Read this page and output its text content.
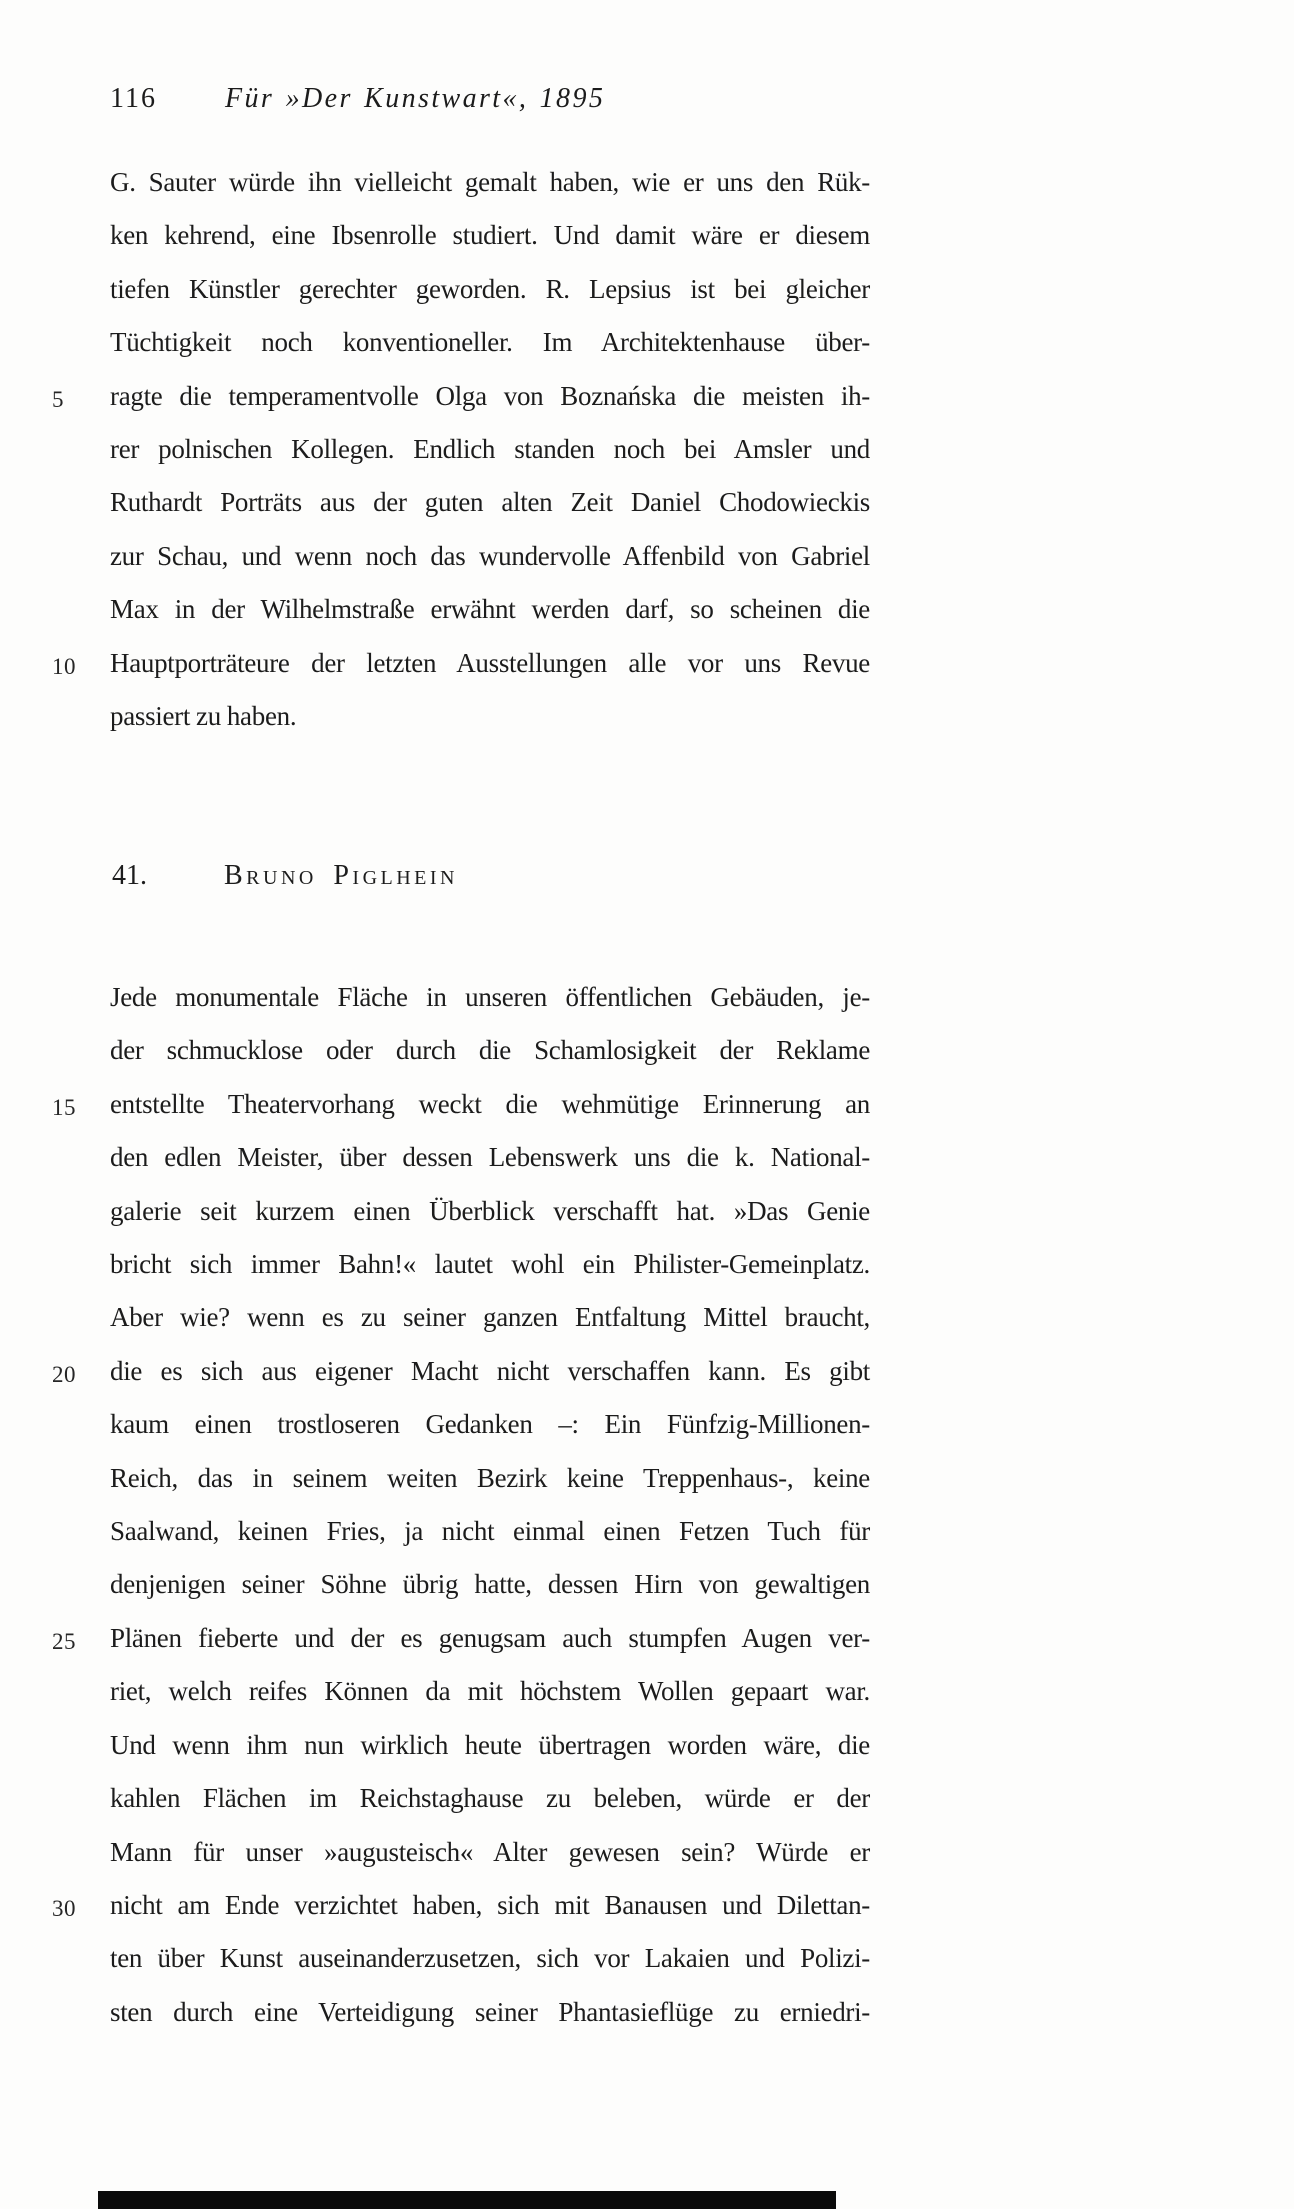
116 Für »Der Kunstwart«, 1895
G. Sauter würde ihn vielleicht gemalt haben, wie er uns den Rük-
ken kehrend, eine Ibsenrolle studiert. Und damit wäre er diesem
tiefen Künstler gerechter geworden. R. Lepsius ist bei gleicher
Tüchtigkeit noch konventioneller. Im Architektenhause über-
5	ragte die temperamentvolle Olga von Boznańska die meisten ih-
rer polnischen Kollegen. Endlich standen noch bei Amsler und
Ruthardt Porträts aus der guten alten Zeit Daniel Chodowieckis
zur Schau, und wenn noch das wundervolle Affenbild von Gabriel
Max in der Wilhelmstraße erwähnt werden darf, so scheinen die
10	Hauptporträteure der letzten Ausstellungen alle vor uns Revue
passiert zu haben.
41.	Bruno Piglhein
Jede monumentale Fläche in unseren öffentlichen Gebäuden, je-
der schmucklose oder durch die Schamlosigkeit der Reklame
15	entstellte Theatervorhang weckt die wehmütige Erinnerung an
den edlen Meister, über dessen Lebenswerk uns die k. National-
galerie seit kurzem einen Überblick verschafft hat. »Das Genie
bricht sich immer Bahn!« lautet wohl ein Philister-Gemeinplatz.
Aber wie? wenn es zu seiner ganzen Entfaltung Mittel braucht,
20	die es sich aus eigener Macht nicht verschaffen kann. Es gibt
kaum einen trostloseren Gedanken –: Ein Fünfzig-Millionen-
Reich, das in seinem weiten Bezirk keine Treppenhaus-, keine
Saalwand, keinen Fries, ja nicht einmal einen Fetzen Tuch für
denjenigen seiner Söhne übrig hatte, dessen Hirn von gewaltigen
25	Plänen fieberte und der es genugsam auch stumpfen Augen ver-
riet, welch reifes Können da mit höchstem Wollen gepaart war.
Und wenn ihm nun wirklich heute übertragen worden wäre, die
kahlen Flächen im Reichstaghause zu beleben, würde er der
Mann für unser »augusteisch« Alter gewesen sein? Würde er
30	nicht am Ende verzichtet haben, sich mit Banausen und Dilettan-
ten über Kunst auseinanderzusetzen, sich vor Lakaien und Polizi-
sten durch eine Verteidigung seiner Phantasieflüge zu erniedri-
